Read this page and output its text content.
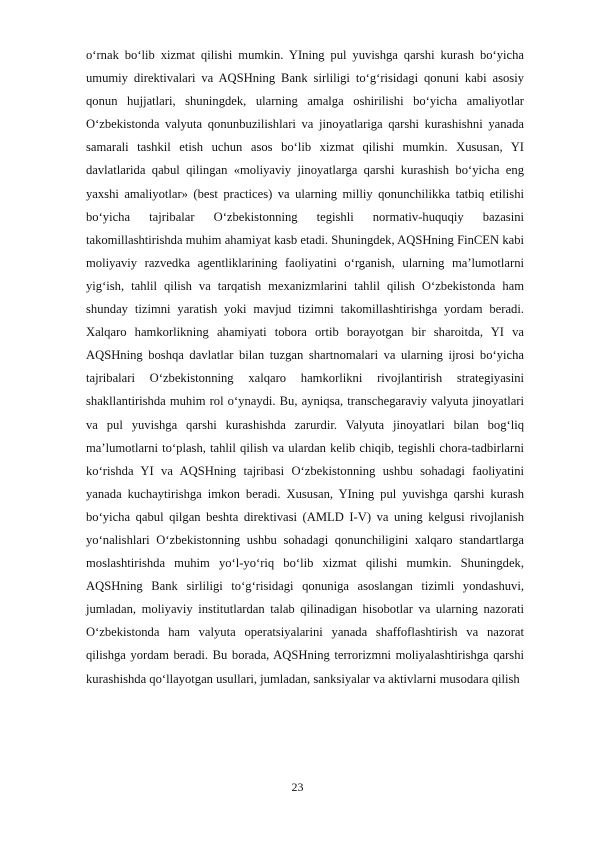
o‘rnak bo‘lib xizmat qilishi mumkin. YIning pul yuvishga qarshi kurash bo‘yicha umumiy direktivalari va AQSHning Bank sirliligi to‘g‘risidagi qonuni kabi asosiy qonun hujjatlari, shuningdek, ularning amalga oshirilishi bo‘yicha amaliyotlar O‘zbekistonda valyuta qonunbuzilishlari va jinoyatlariga qarshi kurashishni yanada samarali tashkil etish uchun asos bo‘lib xizmat qilishi mumkin. Xususan, YI davlatlarida qabul qilingan «moliyaviy jinoyatlarga qarshi kurashish bo‘yicha eng yaxshi amaliyotlar» (best practices) va ularning milliy qonunchilikka tatbiq etilishi bo‘yicha tajribalar O‘zbekistonning tegishli normativ-huquqiy bazasini takomillashtirishda muhim ahamiyat kasb etadi. Shuningdek, AQSHning FinCEN kabi moliyaviy razvedka agentliklarining faoliyatini o‘rganish, ularning ma’lumotlarni yig‘ish, tahlil qilish va tarqatish mexanizmlarini tahlil qilish O‘zbekistonda ham shunday tizimni yaratish yoki mavjud tizimni takomillashtirishga yordam beradi. Xalqaro hamkorlikning ahamiyati tobora ortib borayotgan bir sharoitda, YI va AQSHning boshqa davlatlar bilan tuzgan shartnomalari va ularning ijrosi bo‘yicha tajribalari O‘zbekistonning xalqaro hamkorlikni rivojlantirish strategiyasini shakllantirishda muhim rol o‘ynaydi. Bu, ayniqsa, transchegaraviy valyuta jinoyatlari va pul yuvishga qarshi kurashishda zarurdir. Valyuta jinoyatlari bilan bog‘liq ma’lumotlarni to‘plash, tahlil qilish va ulardan kelib chiqib, tegishli chora-tadbirlarni ko‘rishda YI va AQSHning tajribasi O‘zbekistonning ushbu sohadagi faoliyatini yanada kuchaytirishga imkon beradi. Xususan, YIning pul yuvishga qarshi kurash bo‘yicha qabul qilgan beshta direktivasi (AMLD I-V) va uning kelgusi rivojlanish yo‘nalishlari O‘zbekistonning ushbu sohadagi qonunchiligini xalqaro standartlarga moslashtirishda muhim yo‘l-yo‘riq bo‘lib xizmat qilishi mumkin. Shuningdek, AQSHning Bank sirliligi to‘g‘risidagi qonuniga asoslangan tizimli yondashuvi, jumladan, moliyaviy institutlardan talab qilinadigan hisobotlar va ularning nazorati O‘zbekistonda ham valyuta operatsiyalarini yanada shaffoflashtirish va nazorat qilishga yordam beradi. Bu borada, AQSHning terrorizmni moliyalashtirishga qarshi kurashishda qo‘llayotgan usullari, jumladan, sanksiyalar va aktivlarni musodara qilish

23
